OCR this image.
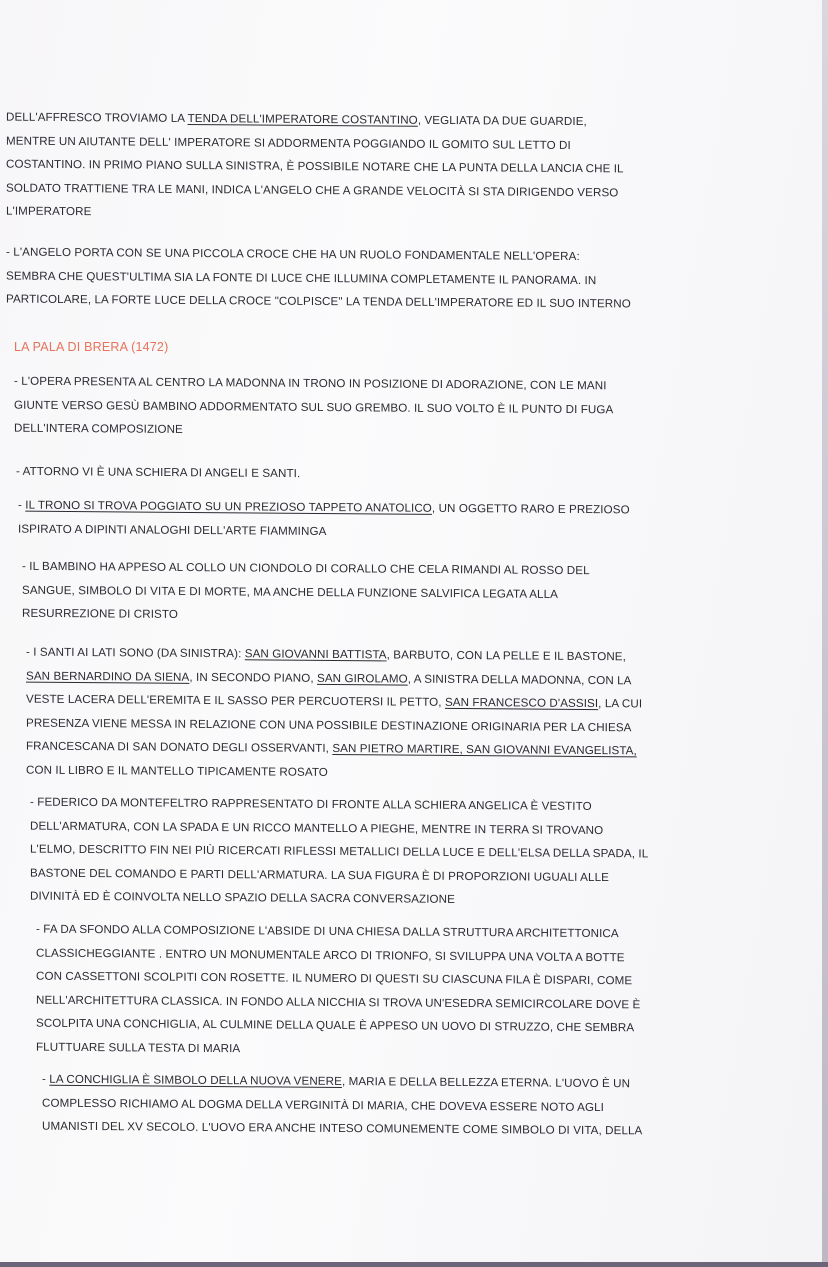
DELL'AFFRESCO TROVIAMO LA TENDA DELL'IMPERATORE COSTANTINO, VEGLIATA DA DUE GUARDIE,
MENTRE UN AIUTANTE DELL' IMPERATORE SI ADDORMENTA POGGIANDO IL GOMITO SUL LETTO DI
COSTANTINO. IN PRIMO PIANO SULLA SINISTRA, È POSSIBILE NOTARE CHE LA PUNTA DELLA LANCIA CHE IL
SOLDATO TRATTIENE TRA LE MANI, INDICA L'ANGELO CHE A GRANDE VELOCITÀ SI STA DIRIGENDO VERSO
L'IMPERATORE
- L'ANGELO PORTA CON SE UNA PICCOLA CROCE CHE HA UN RUOLO FONDAMENTALE NELL'OPERA:
SEMBRA CHE QUEST'ULTIMA SIA LA FONTE DI LUCE CHE ILLUMINA COMPLETAMENTE IL PANORAMA. IN
PARTICOLARE, LA FORTE LUCE DELLA CROCE "COLPISCE" LA TENDA DELL'IMPERATORE ED IL SUO INTERNO
LA PALA DI BRERA (1472)
- L'OPERA PRESENTA AL CENTRO LA MADONNA IN TRONO IN POSIZIONE DI ADORAZIONE, CON LE MANI
GIUNTE VERSO GESÙ BAMBINO ADDORMENTATO SUL SUO GREMBO. IL SUO VOLTO È IL PUNTO DI FUGA
DELL'INTERA COMPOSIZIONE
- ATTORNO VI È UNA SCHIERA DI ANGELI E SANTI.
- IL TRONO SI TROVA POGGIATO SU UN PREZIOSO TAPPETO ANATOLICO, UN OGGETTO RARO E PREZIOSO
ISPIRATO A DIPINTI ANALOGHI DELL'ARTE FIAMMINGA
- IL BAMBINO HA APPESO AL COLLO UN CIONDOLO DI CORALLO CHE CELA RIMANDI AL ROSSO DEL
SANGUE, SIMBOLO DI VITA E DI MORTE, MA ANCHE DELLA FUNZIONE SALVIFICA LEGATA ALLA
RESURREZIONE DI CRISTO
- I SANTI AI LATI SONO (DA SINISTRA): SAN GIOVANNI BATTISTA, BARBUTO, CON LA PELLE E IL BASTONE,
SAN BERNARDINO DA SIENA, IN SECONDO PIANO, SAN GIROLAMO, A SINISTRA DELLA MADONNA, CON LA
VESTE LACERA DELL'EREMITA E IL SASSO PER PERCUOTERSI IL PETTO, SAN FRANCESCO D'ASSISI, LA CUI
PRESENZA VIENE MESSA IN RELAZIONE CON UNA POSSIBILE DESTINAZIONE ORIGINARIA PER LA CHIESA
FRANCESCANA DI SAN DONATO DEGLI OSSERVANTI, SAN PIETRO MARTIRE, SAN GIOVANNI EVANGELISTA,
CON IL LIBRO E IL MANTELLO TIPICAMENTE ROSATO
- FEDERICO DA MONTEFELTRO RAPPRESENTATO DI FRONTE ALLA SCHIERA ANGELICA È VESTITO
DELL'ARMATURA, CON LA SPADA E UN RICCO MANTELLO A PIEGHE, MENTRE IN TERRA SI TROVANO
L'ELMO, DESCRITTO FIN NEI PIÙ RICERCATI RIFLESSI METALLICI DELLA LUCE E DELL'ELSA DELLA SPADA, IL
BASTONE DEL COMANDO E PARTI DELL'ARMATURA. LA SUA FIGURA È DI PROPORZIONI UGUALI ALLE
DIVINITÀ ED È COINVOLTA NELLO SPAZIO DELLA SACRA CONVERSAZIONE
- FA DA SFONDO ALLA COMPOSIZIONE L'ABSIDE DI UNA CHIESA DALLA STRUTTURA ARCHITETTONICA
CLASSICHEGGIANTE . ENTRO UN MONUMENTALE ARCO DI TRIONFO, SI SVILUPPA UNA VOLTA A BOTTE
CON CASSETTONI SCOLPITI CON ROSETTE. IL NUMERO DI QUESTI SU CIASCUNA FILA È DISPARI, COME
NELL'ARCHITETTURA CLASSICA. IN FONDO ALLA NICCHIA SI TROVA UN'ESEDRA SEMICIRCOLARE DOVE È
SCOLPITA UNA CONCHIGLIA, AL CULMINE DELLA QUALE È APPESO UN UOVO DI STRUZZO, CHE SEMBRA
FLUTTUARE SULLA TESTA DI MARIA
- LA CONCHIGLIA È SIMBOLO DELLA NUOVA VENERE, MARIA E DELLA BELLEZZA ETERNA. L'UOVO È UN
COMPLESSO RICHIAMO AL DOGMA DELLA VERGINITÀ DI MARIA, CHE DOVEVA ESSERE NOTO AGLI
UMANISTI DEL XV SECOLO. L'UOVO ERA ANCHE INTESO COMUNEMENTE COME SIMBOLO DI VITA, DELLA
